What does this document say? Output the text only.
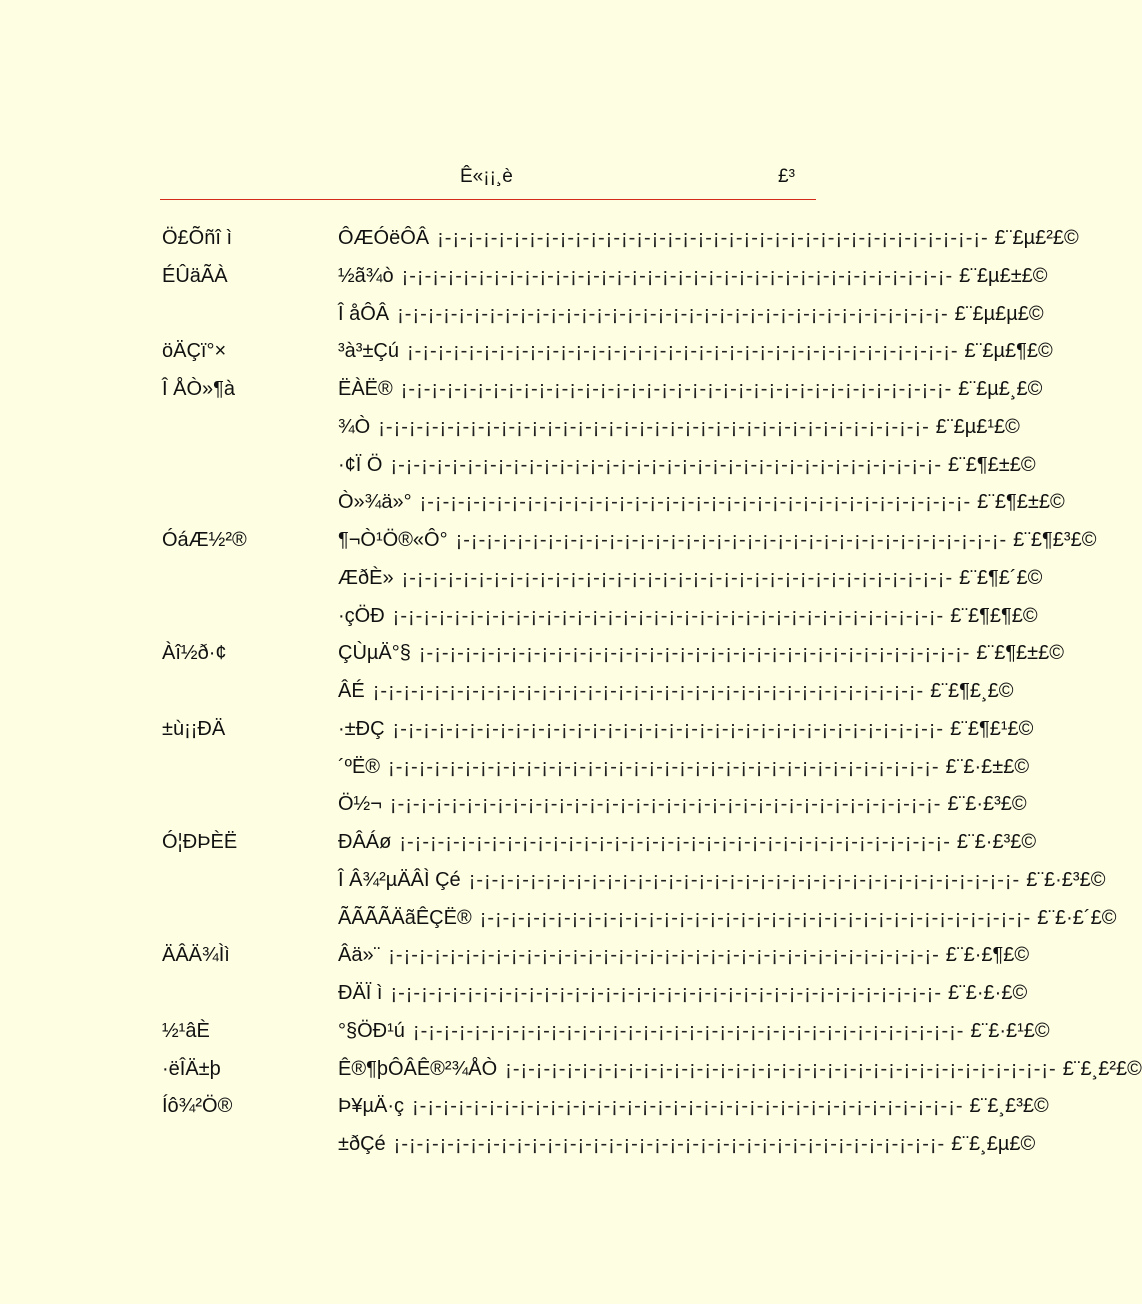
Ê«¡¡¸è	£³
Ö£Õñî ì	ÔÆÓëÔÂ ¡-¡-¡-¡-¡-¡-¡-¡-¡-¡-¡-¡-¡-¡-¡-¡-¡-¡-¡-¡-¡-¡-¡-¡-¡-¡-¡-¡-¡-¡-¡-¡-¡-¡-¡-¡- £¨£µ£²£©
ÉÛäÃÀ	½ã¾ò ¡-¡-¡-¡-¡-¡-¡-¡-¡-¡-¡-¡-¡-¡-¡-¡-¡-¡-¡-¡-¡-¡-¡-¡-¡-¡-¡-¡-¡-¡-¡-¡-¡-¡-¡-¡- £¨£µ£±£©
Î åÔÂ ¡-¡-¡-¡-¡-¡-¡-¡-¡-¡-¡-¡-¡-¡-¡-¡-¡-¡-¡-¡-¡-¡-¡-¡-¡-¡-¡-¡-¡-¡-¡-¡-¡-¡-¡-¡- £¨£µ£µ£©
öÄÇï°×	³à³±Çú ¡-¡-¡-¡-¡-¡-¡-¡-¡-¡-¡-¡-¡-¡-¡-¡-¡-¡-¡-¡-¡-¡-¡-¡-¡-¡-¡-¡-¡-¡-¡-¡-¡-¡-¡-¡- £¨£µ£¶£©
Î ÅÒ»¶à	ËÀË® ¡-¡-¡-¡-¡-¡-¡-¡-¡-¡-¡-¡-¡-¡-¡-¡-¡-¡-¡-¡-¡-¡-¡-¡-¡-¡-¡-¡-¡-¡-¡-¡-¡-¡-¡-¡- £¨£µ£¸£©
¾Ò ¡-¡-¡-¡-¡-¡-¡-¡-¡-¡-¡-¡-¡-¡-¡-¡-¡-¡-¡-¡-¡-¡-¡-¡-¡-¡-¡-¡-¡-¡-¡-¡-¡-¡-¡-¡- £¨£µ£¹£©
·¢Ï Ö ¡-¡-¡-¡-¡-¡-¡-¡-¡-¡-¡-¡-¡-¡-¡-¡-¡-¡-¡-¡-¡-¡-¡-¡-¡-¡-¡-¡-¡-¡-¡-¡-¡-¡-¡-¡- £¨£¶£±£©
Ò»¾ä»° ¡-¡-¡-¡-¡-¡-¡-¡-¡-¡-¡-¡-¡-¡-¡-¡-¡-¡-¡-¡-¡-¡-¡-¡-¡-¡-¡-¡-¡-¡-¡-¡-¡-¡-¡-¡- £¨£¶£±£©
ÓáÆ½²®	¶¬Ò¹Ö®«Ô° ¡-¡-¡-¡-¡-¡-¡-¡-¡-¡-¡-¡-¡-¡-¡-¡-¡-¡-¡-¡-¡-¡-¡-¡-¡-¡-¡-¡-¡-¡-¡-¡-¡-¡-¡-¡- £¨£¶£³£©
ÆðÈ» ¡-¡-¡-¡-¡-¡-¡-¡-¡-¡-¡-¡-¡-¡-¡-¡-¡-¡-¡-¡-¡-¡-¡-¡-¡-¡-¡-¡-¡-¡-¡-¡-¡-¡-¡-¡- £¨£¶£´£©
·çÖÐ ¡-¡-¡-¡-¡-¡-¡-¡-¡-¡-¡-¡-¡-¡-¡-¡-¡-¡-¡-¡-¡-¡-¡-¡-¡-¡-¡-¡-¡-¡-¡-¡-¡-¡-¡-¡- £¨£¶£¶£©
Àî½ð·¢	ÇÙµÄ°§ ¡-¡-¡-¡-¡-¡-¡-¡-¡-¡-¡-¡-¡-¡-¡-¡-¡-¡-¡-¡-¡-¡-¡-¡-¡-¡-¡-¡-¡-¡-¡-¡-¡-¡-¡-¡- £¨£¶£±£©
ÂÉ ¡-¡-¡-¡-¡-¡-¡-¡-¡-¡-¡-¡-¡-¡-¡-¡-¡-¡-¡-¡-¡-¡-¡-¡-¡-¡-¡-¡-¡-¡-¡-¡-¡-¡-¡-¡- £¨£¶£¸£©
±ù¡¡ÐÄ	·±ÐÇ ¡-¡-¡-¡-¡-¡-¡-¡-¡-¡-¡-¡-¡-¡-¡-¡-¡-¡-¡-¡-¡-¡-¡-¡-¡-¡-¡-¡-¡-¡-¡-¡-¡-¡-¡-¡- £¨£¶£¹£©
´ºË® ¡-¡-¡-¡-¡-¡-¡-¡-¡-¡-¡-¡-¡-¡-¡-¡-¡-¡-¡-¡-¡-¡-¡-¡-¡-¡-¡-¡-¡-¡-¡-¡-¡-¡-¡-¡- £¨£·£±£©
Ö½¬ ¡-¡-¡-¡-¡-¡-¡-¡-¡-¡-¡-¡-¡-¡-¡-¡-¡-¡-¡-¡-¡-¡-¡-¡-¡-¡-¡-¡-¡-¡-¡-¡-¡-¡-¡-¡- £¨£·£³£©
Ó¦ÐÞÈË	ÐÂÁø ¡-¡-¡-¡-¡-¡-¡-¡-¡-¡-¡-¡-¡-¡-¡-¡-¡-¡-¡-¡-¡-¡-¡-¡-¡-¡-¡-¡-¡-¡-¡-¡-¡-¡-¡-¡- £¨£·£³£©
Î Â¾²µÄÂÌ Çé ¡-¡-¡-¡-¡-¡-¡-¡-¡-¡-¡-¡-¡-¡-¡-¡-¡-¡-¡-¡-¡-¡-¡-¡-¡-¡-¡-¡-¡-¡-¡-¡-¡-¡-¡-¡- £¨£·£³£©
ÃÃÃÃÄãÊÇË® ¡-¡-¡-¡-¡-¡-¡-¡-¡-¡-¡-¡-¡-¡-¡-¡-¡-¡-¡-¡-¡-¡-¡-¡-¡-¡-¡-¡-¡-¡-¡-¡-¡-¡-¡-¡- £¨£·£´£©
ÄÂÄ¾Ìì	Âä»¨ ¡-¡-¡-¡-¡-¡-¡-¡-¡-¡-¡-¡-¡-¡-¡-¡-¡-¡-¡-¡-¡-¡-¡-¡-¡-¡-¡-¡-¡-¡-¡-¡-¡-¡-¡-¡- £¨£·£¶£©
ÐÄÏ ì ¡-¡-¡-¡-¡-¡-¡-¡-¡-¡-¡-¡-¡-¡-¡-¡-¡-¡-¡-¡-¡-¡-¡-¡-¡-¡-¡-¡-¡-¡-¡-¡-¡-¡-¡-¡- £¨£·£·£©
½¹âÈ	°§ÖÐ¹ú ¡-¡-¡-¡-¡-¡-¡-¡-¡-¡-¡-¡-¡-¡-¡-¡-¡-¡-¡-¡-¡-¡-¡-¡-¡-¡-¡-¡-¡-¡-¡-¡-¡-¡-¡-¡- £¨£·£¹£©
·ëÎÄ±þ	Ê®¶þÔÂÊ®²¾ÅÒ ¡-¡-¡-¡-¡-¡-¡-¡-¡-¡-¡-¡-¡-¡-¡-¡-¡-¡-¡-¡-¡-¡-¡-¡-¡-¡-¡-¡-¡-¡-¡-¡-¡-¡-¡-¡- £¨£¸£²£©
Íô¾²Ö®	Þ¥µÄ·ç ¡-¡-¡-¡-¡-¡-¡-¡-¡-¡-¡-¡-¡-¡-¡-¡-¡-¡-¡-¡-¡-¡-¡-¡-¡-¡-¡-¡-¡-¡-¡-¡-¡-¡-¡-¡- £¨£¸£³£©
±ðÇé ¡-¡-¡-¡-¡-¡-¡-¡-¡-¡-¡-¡-¡-¡-¡-¡-¡-¡-¡-¡-¡-¡-¡-¡-¡-¡-¡-¡-¡-¡-¡-¡-¡-¡-¡-¡- £¨£¸£µ£©
